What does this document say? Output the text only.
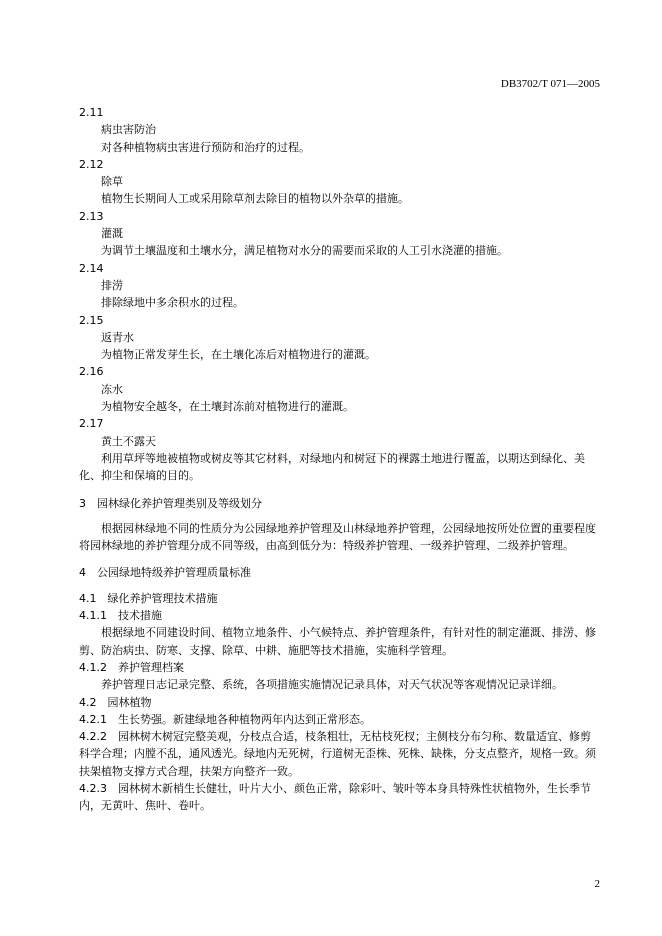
DB3702/T 071—2005

2.11

病虫害防治

对各种植物病虫害进行预防和治疗的过程。

2.12

除草

植物生长期间人工或采用除草剂去除目的植物以外杂草的措施。

2.13

灌溉

为调节土壤温度和土壤水分，满足植物对水分的需要而采取的人工引水浇灌的措施。

2.14

排涝

排除绿地中多余积水的过程。

2.15

返青水

为植物正常发芽生长，在土壤化冻后对植物进行的灌溉。

2.16

冻水

为植物安全越冬，在土壤封冻前对植物进行的灌溉。

2.17

黄土不露天

利用草坪等地被植物或树皮等其它材料，对绿地内和树冠下的裸露土地进行覆盖，以期达到绿化、美化、抑尘和保墒的目的。

3　园林绿化养护管理类别及等级划分

根据园林绿地不同的性质分为公园绿地养护管理及山林绿地养护管理，公园绿地按所处位置的重要程度将园林绿地的养护管理分成不同等级，由高到低分为：特级养护管理、一级养护管理、二级养护管理。

4　公园绿地特级养护管理质量标准

4.1　绿化养护管理技术措施

4.1.1　技术措施

根据绿地不同建设时间、植物立地条件、小气候特点、养护管理条件，有针对性的制定灌溉、排涝、修剪、防治病虫、防寒、支撑、除草、中耕、施肥等技术措施，实施科学管理。

4.1.2　养护管理档案

养护管理日志记录完整、系统，各项措施实施情况记录具体，对天气状况等客观情况记录详细。

4.2　园林植物

4.2.1　生长势强。新建绿地各种植物两年内达到正常形态。

4.2.2　园林树木树冠完整美观，分枝点合适，枝条粗壮，无枯枝死杈；主侧枝分布匀称、数量适宜、修剪科学合理；内膛不乱，通风透光。绿地内无死树，行道树无歪株、死株、缺株，分支点整齐，规格一致。须扶架植物支撑方式合理，扶架方向整齐一致。

4.2.3　园林树木新梢生长健壮，叶片大小、颜色正常，除彩叶、皱叶等本身具特殊性状植物外，生长季节内，无黄叶、焦叶、卷叶。

2
